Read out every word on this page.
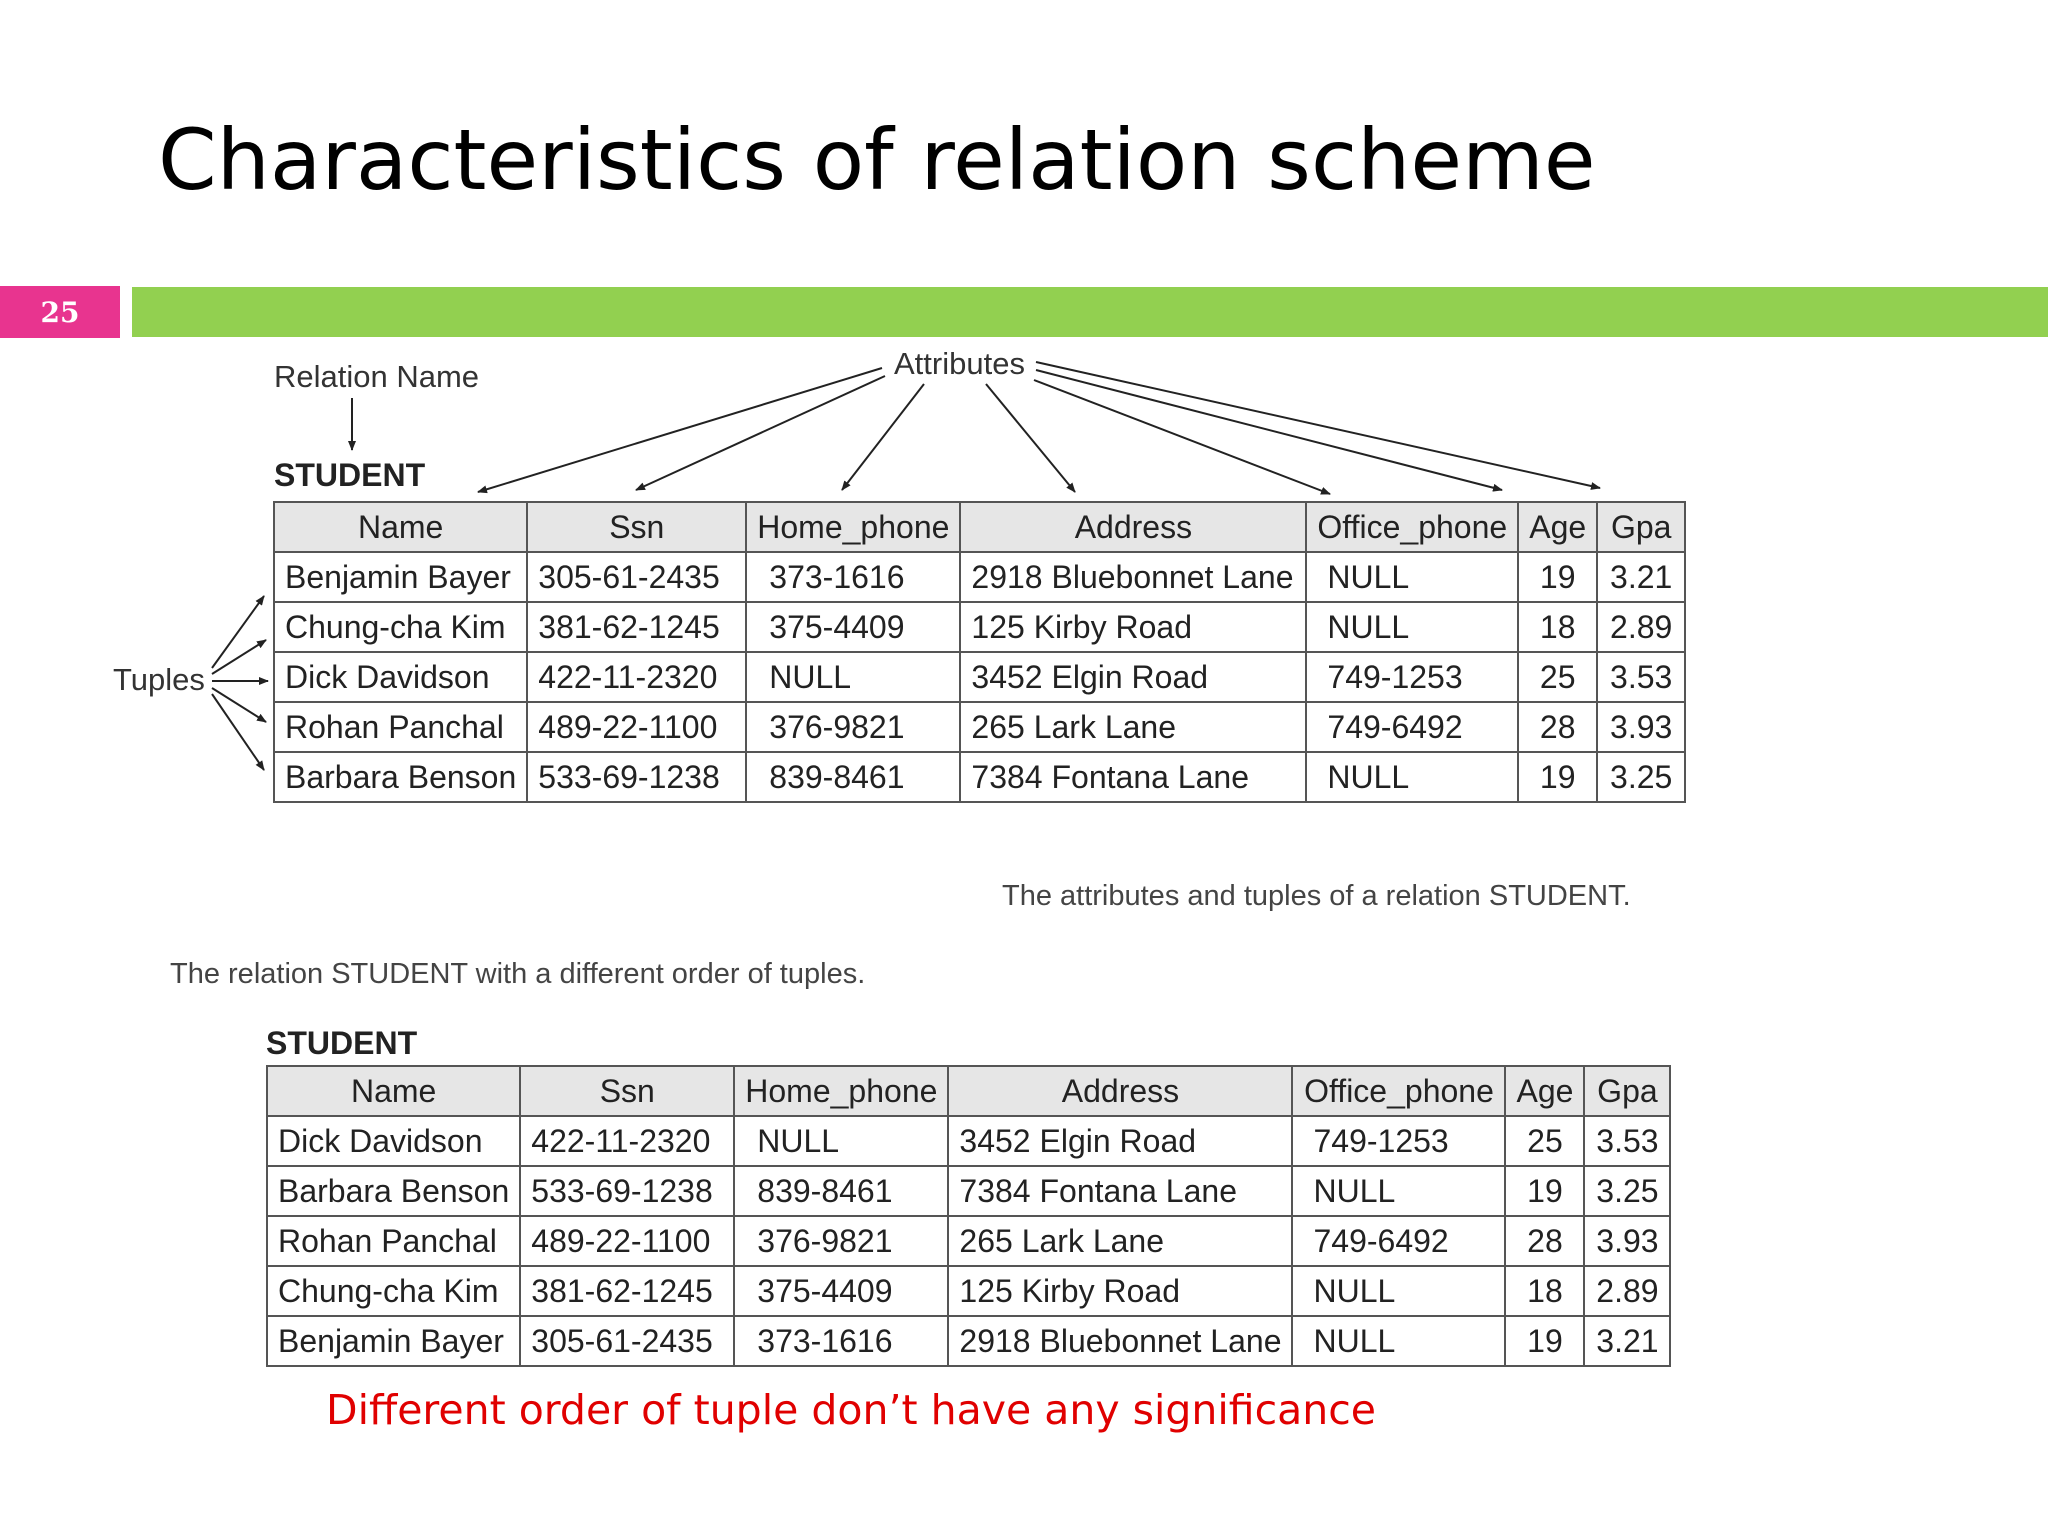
Characteristics of relation scheme
25
Relation Name	Attributes
Tuples
STUDENT
Name	Ssn	Home_phone	Address	Office_phone	Age	Gpa
Benjamin Bayer	305-61-2435	373-1616	2918 Bluebonnet Lane	NULL	19	3.21
Chung-cha Kim	381-62-1245	375-4409	125 Kirby Road	NULL	18	2.89
Dick Davidson	422-11-2320	NULL	3452 Elgin Road	749-1253	25	3.53
Rohan Panchal	489-22-1100	376-9821	265 Lark Lane	749-6492	28	3.93
Barbara Benson	533-69-1238	839-8461	7384 Fontana Lane	NULL	19	3.25
The attributes and tuples of a relation STUDENT.
The relation STUDENT with a different order of tuples.
STUDENT
Name	Ssn	Home_phone	Address	Office_phone	Age	Gpa
Dick Davidson	422-11-2320	NULL	3452 Elgin Road	749-1253	25	3.53
Barbara Benson	533-69-1238	839-8461	7384 Fontana Lane	NULL	19	3.25
Rohan Panchal	489-22-1100	376-9821	265 Lark Lane	749-6492	28	3.93
Chung-cha Kim	381-62-1245	375-4409	125 Kirby Road	NULL	18	2.89
Benjamin Bayer	305-61-2435	373-1616	2918 Bluebonnet Lane	NULL	19	3.21
Different order of tuple don’t have any significance
